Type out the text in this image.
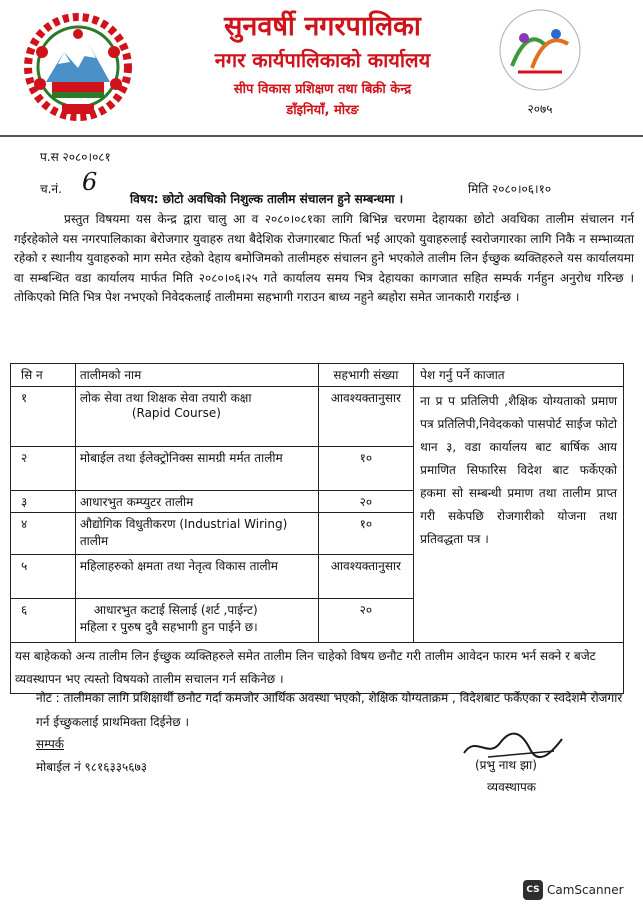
सुनवर्षी नगरपालिका
नगर कार्यपालिकाको कार्यालय
सीप विकास प्रशिक्षण तथा बिक्री केन्द्र
डाँइनियाँ, मोरङ	२०७५
प.स २०८०।०८१
च.नं. 6	मिति २०८०।०६।१०
विषय: छोटो अवधिको निशुल्क तालीम संचालन हुने सम्बन्धमा ।
प्रस्तुत विषयमा यस केन्द्र द्वारा चालु आ व २०८०।०८१का लागि बिभिन्न चरणमा देहायका छोटो अवधिका तालीम संचालन गर्न गईरहेकोले यस नगरपालिकाका बेरोजगार युवाहरु तथा बैदेशिक रोजगारबाट फिर्ता भई आएको युवाहरुलाई स्वरोजगारका लागि निकै न सम्भाव्यता रहेको र स्थानीय युवाहरुको माग समेत रहेको देहाय बमोजिमको तालीमहरु संचालन हुने भएकोले तालीम लिन ईच्छुक ब्यक्तिहरुले यस कार्यालयमा वा सम्बन्धित वडा कार्यालय मार्फत मिति २०८०।०६।२५ गते कार्यालय समय भित्र देहायका कागजात सहित सम्पर्क गर्नहुन अनुरोध गरिन्छ ।तोकिएको मिति भित्र पेश नभएको निवेदकलाई तालीममा सहभागी गराउन बाध्य नहुने ब्यहोरा समेत जानकारी गराईन्छ ।
सि न	तालीमको नाम	सहभागी संख्या	पेश गर्नु पर्ने काजात
१	लोक सेवा तथा शिक्षक सेवा तयारी कक्षा
(Rapid Course)	आवश्यक्तानुसार	ना प्र प प्रतिलिपी ,शैक्षिक योग्यताको प्रमाण पत्र प्रतिलिपी,निवेदकको पासपोर्ट साईज फोटो थान ३, वडा कार्यालय बाट बार्षिक आय प्रमाणित सिफारिस विदेश बाट फर्केएको हकमा सो सम्बन्धी प्रमाण तथा तालीम प्राप्त गरी सकेपछि रोजगारीको योजना तथा प्रतिवद्धता पत्र ।
२	मोबाईल तथा ईलेक्ट्रोनिक्स सामग्री मर्मत तालीम	१०	
३	आधारभुत कम्प्युटर तालीम	२०	
४	औद्योगिक विधुतीकरण (Industrial Wiring) तालीम	१०	
५	महिलाहरुको क्षमता तथा नेतृत्व विकास तालीम	आवश्यक्तानुसार	
६	आधारभुत कटाई सिलाई (शर्ट ,पाईन्ट)
महिला र पुरुष दुवै सहभागी हुन पाईने छ।	२०	
यस बाहेकको अन्य तालीम लिन ईच्छुक व्यक्तिहरुले समेत तालीम लिन चाहेको विषय छनौट गरी तालीम आवेदन फारम भर्न सक्ने र बजेट व्यवस्थापन भए त्यस्तो विषयको तालीम सचालन गर्न सकिनेछ ।			
नोट : तालीमका लागि प्रशिक्षार्थी छनौट गर्दा कमजोर आर्थिक अवस्था भएको, शैक्षिक योग्यताक्रम , विदेशबाट फर्केएका र स्वदेशमै रोजगार गर्न ईच्छुकलाई प्राथमिक्ता दिईनेछ ।
सम्पर्क
मोबाईल नं ९८१६३३५६७३	(प्रभु नाथ झा)
व्यवस्थापक
CS CamScanner
